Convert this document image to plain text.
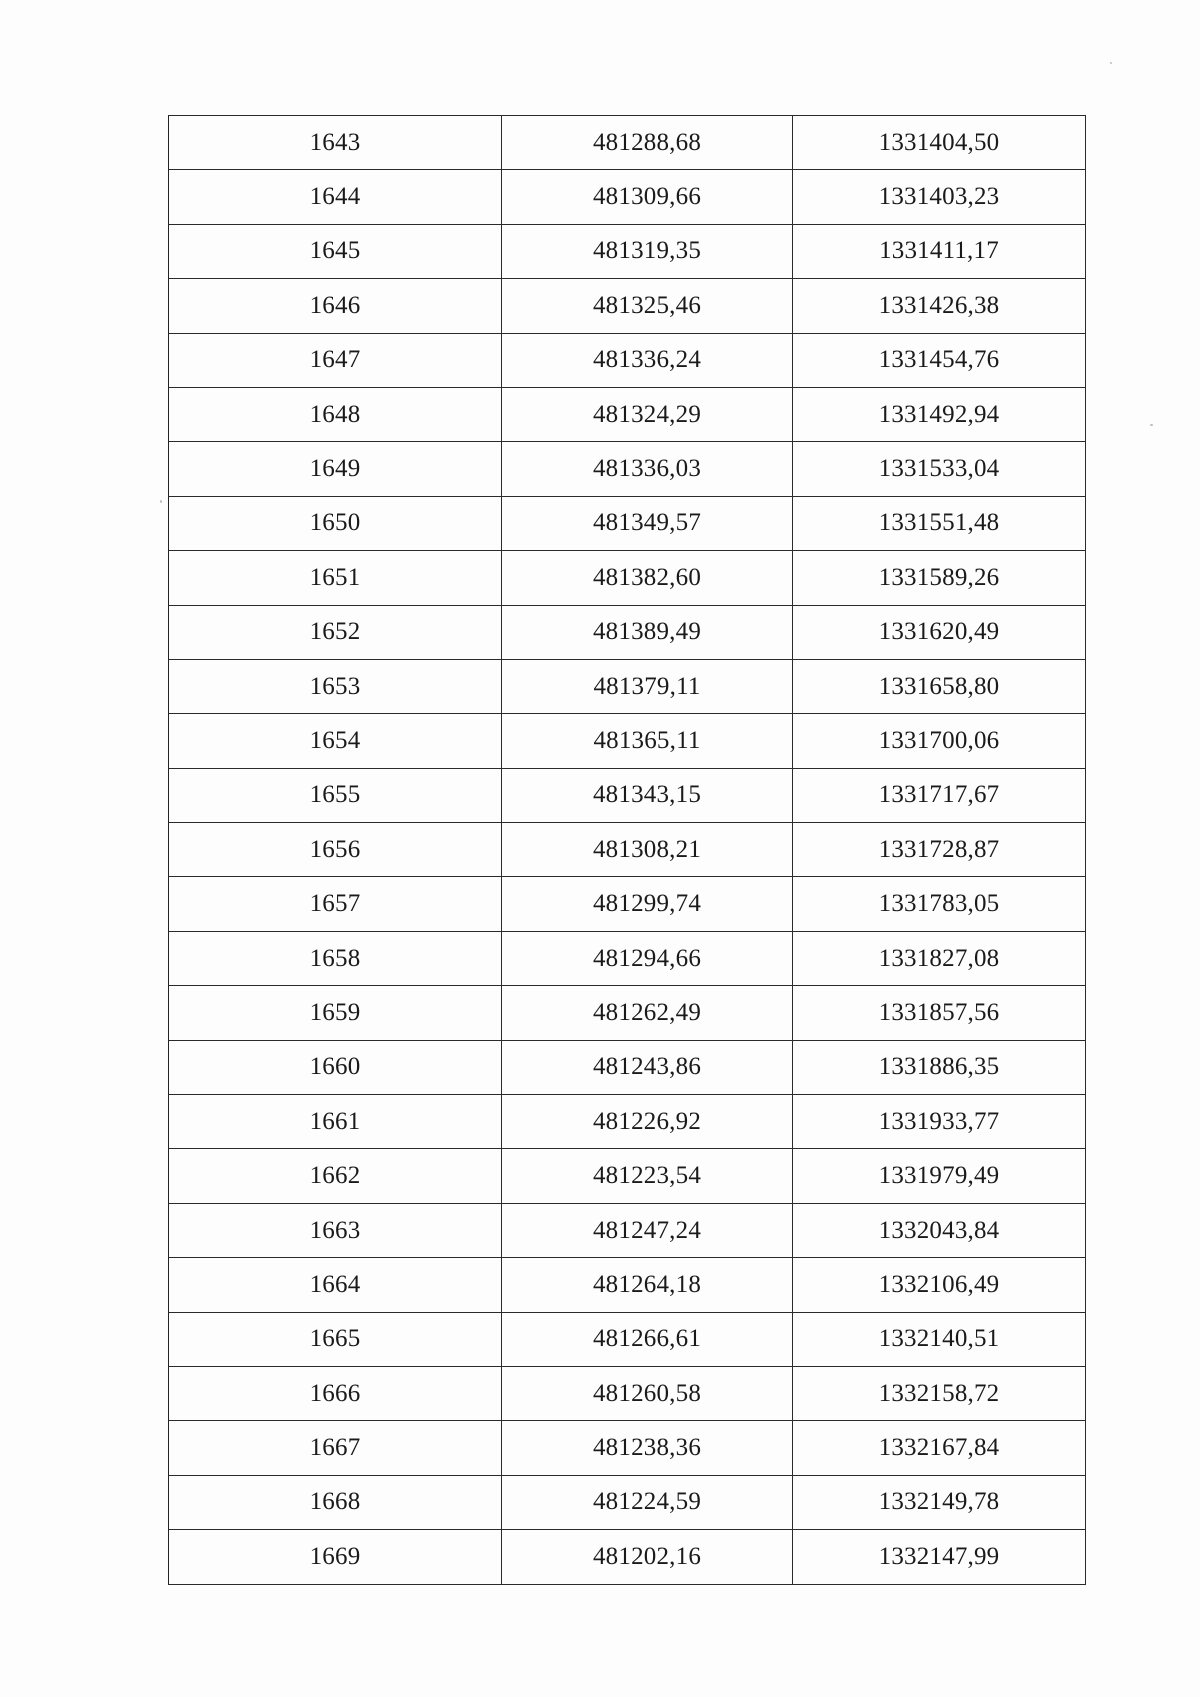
1643	481288,68	1331404,50
1644	481309,66	1331403,23
1645	481319,35	1331411,17
1646	481325,46	1331426,38
1647	481336,24	1331454,76
1648	481324,29	1331492,94
1649	481336,03	1331533,04
1650	481349,57	1331551,48
1651	481382,60	1331589,26
1652	481389,49	1331620,49
1653	481379,11	1331658,80
1654	481365,11	1331700,06
1655	481343,15	1331717,67
1656	481308,21	1331728,87
1657	481299,74	1331783,05
1658	481294,66	1331827,08
1659	481262,49	1331857,56
1660	481243,86	1331886,35
1661	481226,92	1331933,77
1662	481223,54	1331979,49
1663	481247,24	1332043,84
1664	481264,18	1332106,49
1665	481266,61	1332140,51
1666	481260,58	1332158,72
1667	481238,36	1332167,84
1668	481224,59	1332149,78
1669	481202,16	1332147,99
